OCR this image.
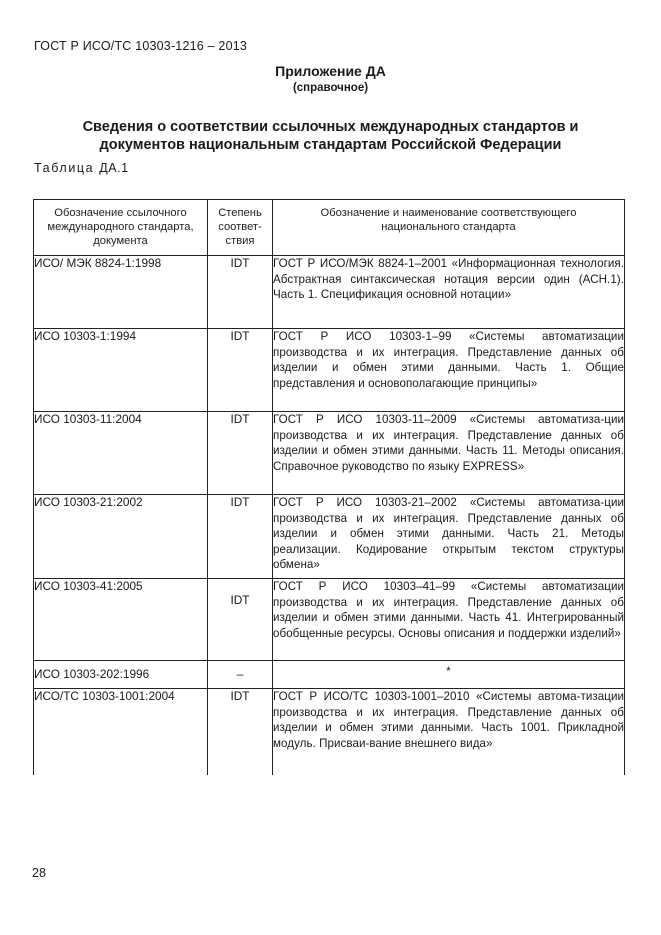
ГОСТ Р ИСО/ТС 10303-1216 – 2013
Приложение ДА
(справочное)
Сведения о соответствии ссылочных международных стандартов и
документов национальным стандартам Российской Федерации
Таблица ДА.1
Обозначение ссылочного международного стандарта, документа	Степень соответ-ствия	Обозначение и наименование соответствующего национального стандарта
ИСО/ МЭК 8824-1:1998	IDT	ГОСТ Р ИСО/МЭК 8824-1–2001 «Информационная технология. Абстрактная синтаксическая нотация версии один (АСН.1). Часть 1. Спецификация основной нотации»
ИСО 10303-1:1994	IDT	ГОСТ Р ИСО 10303-1–99 «Системы автоматизации производства и их интеграция. Представление данных об изделии и обмен этими данными. Часть 1. Общие представления и основополагающие принципы»
ИСО 10303-11:2004	IDT	ГОСТ Р ИСО 10303-11–2009 «Системы автоматиза-ции производства и их интеграция. Представление данных об изделии и обмен этими данными. Часть 11. Методы описания. Справочное руководство по языку EXPRESS»
ИСО 10303-21:2002	IDT	ГОСТ Р ИСО 10303-21–2002 «Системы автоматиза-ции производства и их интеграция. Представление данных об изделии и обмен этими данными. Часть 21. Методы реализации. Кодирование открытым текстом структуры обмена»
ИСО 10303-41:2005	IDT	ГОСТ Р ИСО 10303–41–99 «Системы автоматизации производства и их интеграция. Представление данных об изделии и обмен этими данными. Часть 41. Интегрированный обобщенные ресурсы. Основы описания и поддержки изделий»
ИСО 10303-202:1996	–	*
ИСО/ТС 10303-1001:2004	IDT	ГОСТ Р ИСО/ТС 10303-1001–2010 «Системы автома-тизации производства и их интеграция. Представление данных об изделии и обмен этими данными. Часть 1001. Прикладной модуль. Присваи-вание внешнего вида»
28
